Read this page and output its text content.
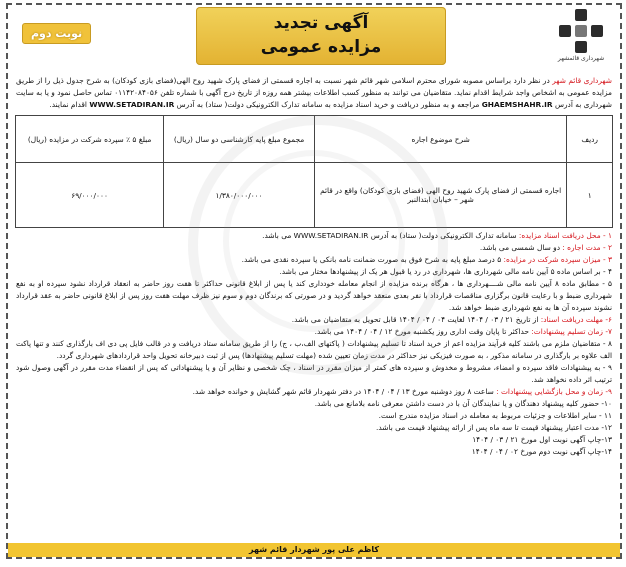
شهرداری قائمشهر
آگهی تجدید
مزایده عمومی
نوبت دوم
شهرداری قائم شهر در نظر دارد براساس مصوبه شورای محترم اسلامی شهر قائم شهر نسبت به اجاره قسمتی از فضای پارک شهید روح الهی(فضای بازی کودکان) به شرح جدول ذیل را از طریق مزایده عمومی به اشخاص واجد شرایط اقدام نماید. متقاضیان می توانند به منظور کسب اطلاعات بیشتر همه روزه از تاریخ درج آگهی با شماره تلفن ۰۱۱۴۲۰۸۴۰۵۶ تماس حاصل نمود و یا به سایت شهرداری به آدرس GHAEMSHAHR.IR مراجعه و به منظور دریافت و خرید اسناد مزایده به سامانه تدارک الکترونیکی دولت( ستاد) به آدرس WWW.SETADIRAN.IR اقدام نمایند.
ردیف	شرح موضوع اجاره	مجموع مبلغ پایه کارشناسی دو سال (ریال)	مبلغ ۵ ٪ سپرده شرکت در مزایده (ریال)
۱	اجاره قسمتی از فضای پارک شهید روح الهی (فضای بازی کودکان) واقع در قائم شهر – خیابان ابتدالنبر	۱/۳۸۰/۰۰۰/۰۰۰	۶۹/۰۰۰/۰۰۰
۱ - محل دریافت اسناد مزایده: سامانه تدارک الکترونیکی دولت( ستاد) به آدرس WWW.SETADIRAN.IR می باشد.
۲ - مدت اجاره : دو سال شمسی می باشد.
۳ - میزان سپرده شرکت در مزایده: ۵ درصد مبلغ پایه به شرح فوق به صورت ضمانت نامه بانکی یا سپرده نقدی می باشد.
۴ - بر اساس ماده ۵ آیین نامه مالی شهرداری ها، شهرداری در رد یا قبول هر یک از پیشنهادها مختار می باشد.
۵ - مطابق ماده ۸ آیین نامه مالی شــــهرداری ها ، هرگاه برنده مزایده از انجام معامله خودداری کند یا پس از ابلاغ قانونی حداکثر تا هفت روز حاضر به انعقاد قرارداد نشود سپرده او به نفع شهرداری ضبط و با رعایت قانون برگزاری مناقصات قرارداد با نفر بعدی منعقد خواهد گردید و در صورتی که برندگان دوم و سوم نیز ظرف مهلت هفت روز پس از ابلاغ قانونی حاضر به عقد قرارداد نشوند سپرده آن ها به نفع شهرداری ضبط خواهد شد.
۶- مهلت دریافت اسناد: از تاریخ ۲۱ / ۰۳ / ۱۴۰۴ لغایت ۰۴ / ۰۴ / ۱۴۰۴ قابل تحویل به متقاضیان می باشد.
۷- زمان تسلیم پیشنهادات: حداکثر تا پایان وقت اداری روز یکشنبه مورخ ۱۲ / ۰۴ / ۱۴۰۴ می باشد.
۸ - متقاضیان ملزم می باشند کلیه فرآیند مزایده اعم از خرید اسناد تا تسلیم پیشنهادات ( پاکتهای الف،ب ، ج) را از طریق سامانه ستاد دریافت و در قالب فایل پی دی اف بارگذاری کنند و تنها پاکت الف علاوه بر بارگذاری در سامانه مذکور ، به صورت فیزیکی نیز حداکثر در مدت زمان تعیین شده (مهلت تسلیم پیشنهادها) پس از ثبت دبیرخانه تحویل واحد قراردادهای شهرداری گردد.
۹ - به پیشنهادات فاقد سپرده و امضاء، مشروط و مخدوش و سپرده های کمتر از میزان مقرر در اسناد ، چک شخصی و نظایر آن و یا پیشنهاداتی که پس از انقضاء مدت مقرر در آگهی وصول شود ترتیب اثر داده نخواهد شد.
۹- زمان و محل بازگشایی پیشنهادات : ساعت ۸ روز دوشنبه مورخ ۱۳ / ۰۴ / ۱۴۰۴ در دفتر شهردار قائم شهر گشایش و خوانده خواهد شد.
۱۰- حضور کلیه پیشنهاد دهندگان و یا نمایندگان آن با در دست داشتن معرفی نامه بلامانع می باشد.
۱۱ - سایر اطلاعات و جزئیات مربوط به معامله در اسناد مزایده مندرج است.
۱۲- مدت اعتبار پیشنهاد قیمت تا سه ماه پس از ارائه پیشنهاد قیمت می باشد.
۱۳-چاپ آگهی نوبت اول مورخ ۲۱ / ۰۳ / ۱۴۰۴
۱۴-چاپ آگهی نوبت دوم مورخ ۰۲ / ۰۴ / ۱۴۰۴
کاظم علی پور شهردار قائم شهر
